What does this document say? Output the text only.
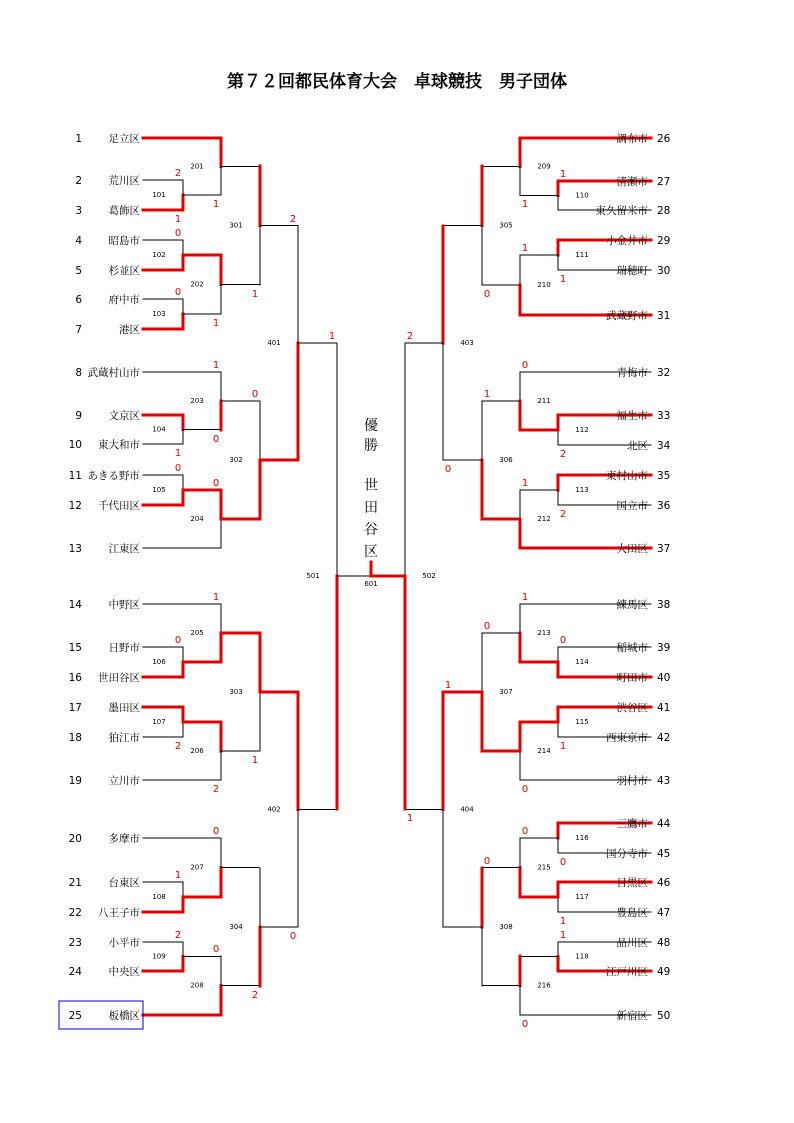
第７２回都民体育大会　卓球競技　男子団体
1	足立区
2	荒川区
3	葛飾区
4	昭島市
5	杉並区
6	府中市
7	港区
8 武蔵村山市
9	文京区
10 東大和市
11 あきる野市
12 千代田区
13	江東区
14	中野区
15	日野市
16 世田谷区
17	墨田区
18	狛江市
19	立川市
20	多摩市
21	台東区
22 八王子市
23	小平市
24	中央区
25	板橋区
調布市 26
清瀬市 27
東久留米市 28
小金井市 29
瑞穂町 30
武蔵野市 31
青梅市 32
福生市 33
北区 34
東村山市 35
国立市 36
大田区 37
練馬区 38
稲城市 39
町田市 40
渋谷区 41
西東京市 42
羽村市 43
三鷹市 44
国分寺市 45
目黒区 46
豊島区 47
品川区 48
江戸川区 49
新宿区 50
101
102
103
104
105
106
107
108
109
201
202
203
204
205
206
207
208
301
302
303
304
401
402
501
110
111
112
113
114
115
116
117
118
209
210
211
212
213
214
215
216
305
306
307
308
403
404
502
601
2
1
0
0
1
0
0
2
1
2
1
1
1
0
0
1
2
0
0
1
0
1
2
2
0
1
1
1
2
2
0
1
0
1
1
1
1
0
1
1
0
0
0
0
1
0
0
0
1
2
1
優
勝
世
田
谷
区
